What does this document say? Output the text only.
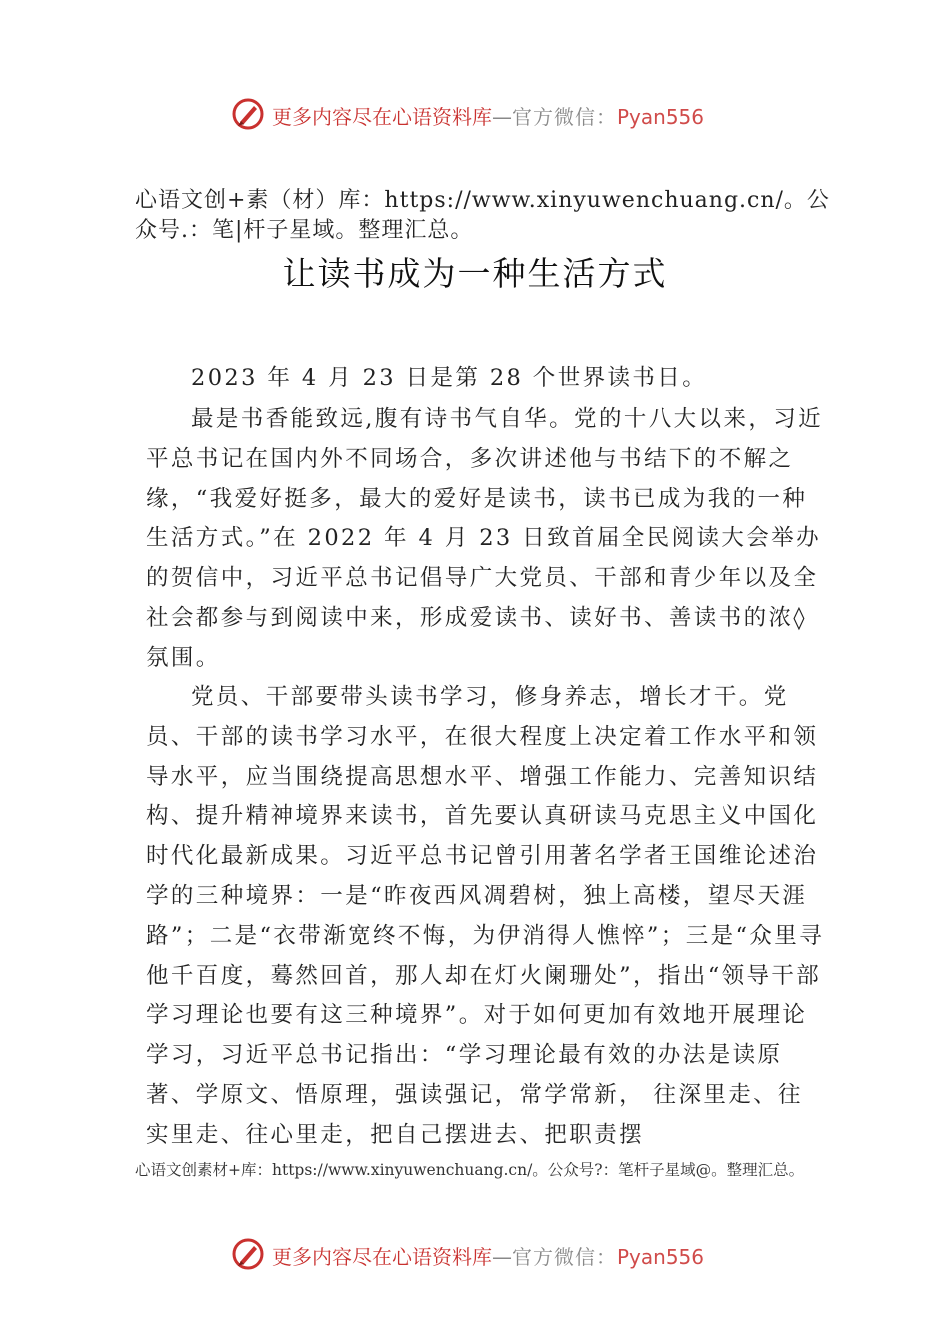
更多内容尽在心语资料库—官方微信：Pyan556
心语文创+素（材）库：https://www.xinyuwenchuang.cn/。公众号.：笔|杆子星域。整理汇总。
让读书成为一种生活方式

2023 年 4 月 23 日是第 28 个世界读书日。

最是书香能致远,腹有诗书气自华。党的十八大以来，习近平总书记在国内外不同场合，多次讲述他与书结下的不解之缘，“我爱好挺多，最大的爱好是读书，读书已成为我的一种生活方式。”在 2022 年 4 月 23 日致首届全民阅读大会举办的贺信中，习近平总书记倡导广大党员、干部和青少年以及全社会都参与到阅读中来，形成爱读书、读好书、善读书的浓◊氛围。

党员、干部要带头读书学习，修身养志，增长才干。党员、干部的读书学习水平，在很大程度上决定着工作水平和领导水平，应当围绕提高思想水平、增强工作能力、完善知识结构、提升精神境界来读书，首先要认真研读马克思主义中国化时代化最新成果。习近平总书记曾引用著名学者王国维论述治学的三种境界：一是“昨夜西风凋碧树，独上高楼，望尽天涯路”；二是“衣带渐宽终不悔，为伊消得人憔悴”；三是“众里寻他千百度，蓦然回首，那人却在灯火阑珊处”，指出“领导干部学习理论也要有这三种境界”。对于如何更加有效地开展理论学习，习近平总书记指出：“学习理论最有效的办法是读原著、学原文、悟原理，强读强记，常学常新， 往深里走、往实里走、往心里走，把自己摆进去、把职责摆

心语文创素材+库：https://www.xinyuwenchuang.cn/。公众号?：笔杆子星域@。整理汇总。
更多内容尽在心语资料库—官方微信：Pyan556
